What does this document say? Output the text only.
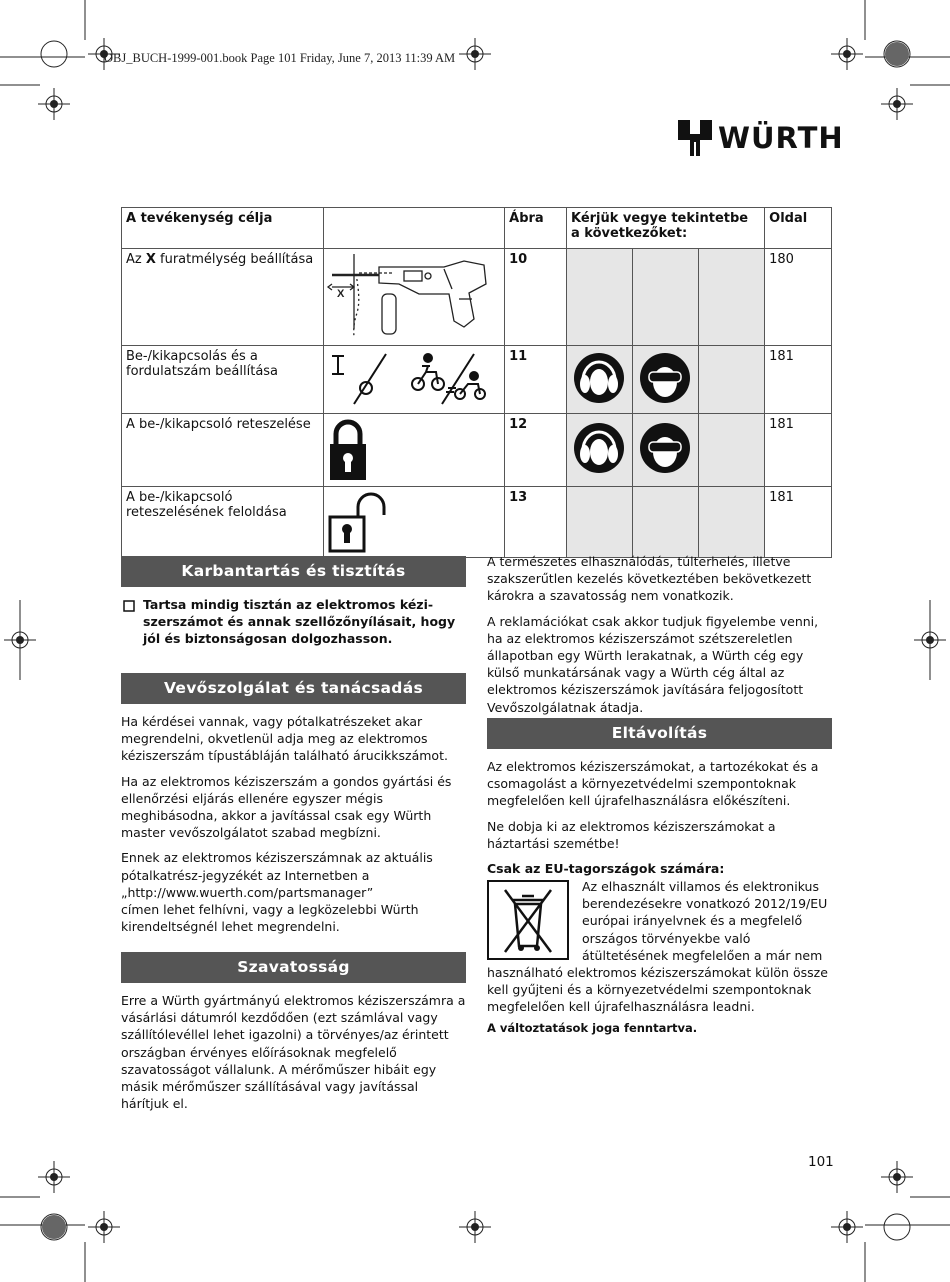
OBJ_BUCH-1999-001.book Page 101 Friday, June 7, 2013 11:39 AM
WÜRTH
A tevékenység célja		Ábra	Kérjük vegye tekintetbe a következőket:			Oldal
Az X furatmélység beállítása	X	10				180
Be-/kikapcsolás és a fordulatszám beállítása		11				181
A be-/kikapcsoló reteszelése		12				181
A be-/kikapcsoló reteszelésének feloldása		13				181
Karbantartás és tisztítás
Tartsa mindig tisztán az elektromos kézi-szerszámot és annak szellőzőnyílásait, hogy jól és biztonságosan dolgozhasson.
Vevőszolgálat és tanácsadás

Ha kérdései vannak, vagy pótalkatrészeket akar megrendelni, okvetlenül adja meg az elektromos kéziszerszám típustábláján található árucikkszámot.

Ha az elektromos kéziszerszám a gondos gyártási és ellenőrzési eljárás ellenére egyszer mégis meghibásodna, akkor a javítással csak egy Würth master vevőszolgálatot szabad megbízni.

Ennek az elektromos kéziszerszámnak az aktuális pótalkatrész-jegyzékét az Internetben a

„http://www.wuerth.com/partsmanager”

címen lehet felhívni, vagy a legközelebbi Würth kirendeltségnél lehet megrendelni.

Szavatosság

Erre a Würth gyártmányú elektromos kéziszerszámra a vásárlási dátumról kezdődően (ezt számlával vagy szállítólevéllel lehet igazolni) a törvényes/az érintett országban érvényes előírásoknak megfelelő szavatosságot vállalunk. A mérőműszer hibáit egy másik mérőműszer szállításával vagy javítással hárítjuk el.

A természetes elhasználódás, túlterhelés, illetve szakszerűtlen kezelés következtében bekövetkezett károkra a szavatosság nem vonatkozik.

A reklamációkat csak akkor tudjuk figyelembe venni, ha az elektromos kéziszerszámot szétszereletlen állapotban egy Würth lerakatnak, a Würth cég egy külső munkatársának vagy a Würth cég által az elektromos kéziszerszámok javítására feljogosított Vevőszolgálatnak átadja.

Eltávolítás

Az elektromos kéziszerszámokat, a tartozékokat és a csomagolást a környezetvédelmi szempontoknak megfelelően kell újrafelhasználásra előkészíteni.

Ne dobja ki az elektromos kéziszerszámokat a háztartási szemétbe!

Csak az EU-tagországok számára:

Az elhasznált villamos és elektronikus berendezésekre vonatkozó 2012/19/EU európai irányelvnek és a megfelelő országos törvényekbe való átültetésének megfelelően a már nem használható elektromos kéziszerszámokat külön össze kell gyűjteni és a környezetvédelmi szempontoknak megfelelően kell újrafelhasználásra leadni.
A változtatások joga fenntartva.
101
